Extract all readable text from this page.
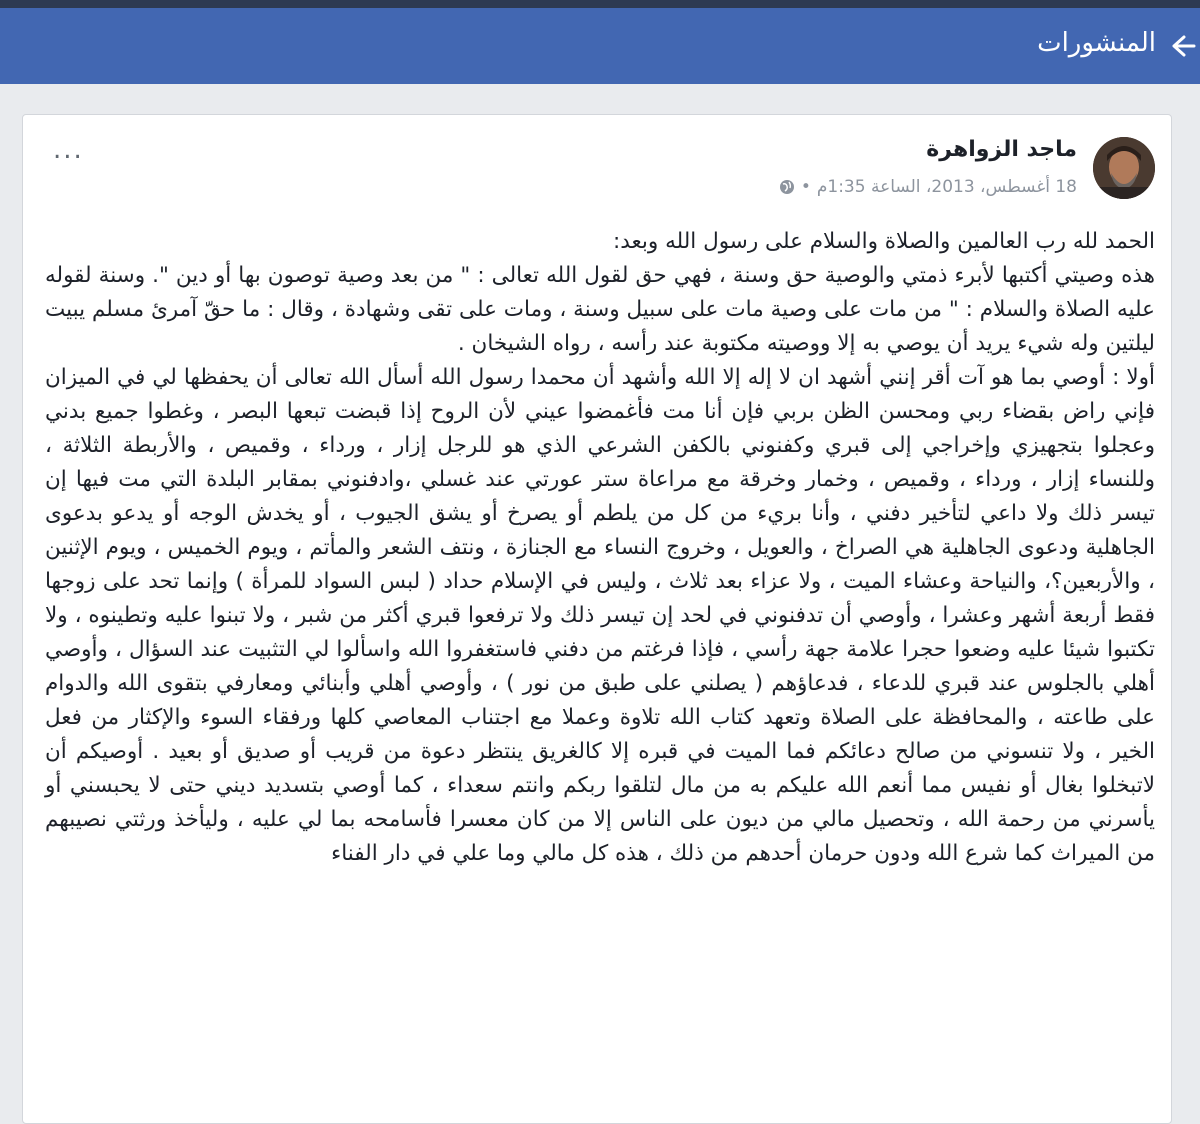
المنشورات
...	ماجد الزواهرة
18 أغسطس، 2013، الساعة 1:35م
•

الحمد لله رب العالمين والصلاة والسلام على رسول الله وبعد:

هذه وصيتي أكتبها لأبرء ذمتي والوصية حق وسنة ، فهي حق لقول الله تعالى : " من بعد وصية توصون بها أو دين ". وسنة لقوله عليه الصلاة والسلام : " من مات على وصية مات على سبيل وسنة ، ومات على تقى وشهادة ، وقال : ما حقّ آمرئ مسلم يبيت ليلتين وله شيء يريد أن يوصي به إلا ووصيته مكتوبة عند رأسه ، رواه الشيخان .

أولا : أوصي بما هو آت أقر إنني أشهد ان لا إله إلا الله وأشهد أن محمدا رسول الله أسأل الله تعالى أن يحفظها لي في الميزان فإني راض بقضاء ربي ومحسن الظن بربي فإن أنا مت فأغمضوا عيني لأن الروح إذا قبضت تبعها البصر ، وغطوا جميع بدني وعجلوا بتجهيزي وإخراجي إلى قبري وكفنوني بالكفن الشرعي الذي هو للرجل إزار ، ورداء ، وقميص ، والأربطة الثلاثة ، وللنساء إزار ، ورداء ، وقميص ، وخمار وخرقة مع مراعاة ستر عورتي عند غسلي ،وادفنوني بمقابر البلدة التي مت فيها إن تيسر ذلك ولا داعي لتأخير دفني ، وأنا بريء من كل من يلطم أو يصرخ أو يشق الجيوب ، أو يخدش الوجه أو يدعو بدعوى الجاهلية ودعوى الجاهلية هي الصراخ ، والعويل ، وخروج النساء مع الجنازة ، ونتف الشعر والمأتم ، ويوم الخميس ، ويوم الإثنين ، والأربعين؟، والنياحة وعشاء الميت ، ولا عزاء بعد ثلاث ، وليس في الإسلام حداد ( لبس السواد للمرأة ) وإنما تحد على زوجها فقط أربعة أشهر وعشرا ، وأوصي أن تدفنوني في لحد إن تيسر ذلك ولا ترفعوا قبري أكثر من شبر ، ولا تبنوا عليه وتطينوه ، ولا تكتبوا شيئا عليه وضعوا حجرا علامة جهة رأسي ، فإذا فرغتم من دفني فاستغفروا الله واسألوا لي التثبيت عند السؤال ، وأوصي أهلي بالجلوس عند قبري للدعاء ، فدعاؤهم ( يصلني على طبق من نور ) ، وأوصي أهلي وأبنائي ومعارفي بتقوى الله والدوام على طاعته ، والمحافظة على الصلاة وتعهد كتاب الله تلاوة وعملا مع اجتناب المعاصي كلها ورفقاء السوء والإكثار من فعل الخير ، ولا تنسوني من صالح دعائكم فما الميت في قبره إلا كالغريق ينتظر دعوة من قريب أو صديق أو بعيد . أوصيكم أن لاتبخلوا بغال أو نفيس مما أنعم الله عليكم به من مال لتلقوا ربكم وانتم سعداء ، كما أوصي بتسديد ديني حتى لا يحبسني أو يأسرني من رحمة الله ، وتحصيل مالي من ديون على الناس إلا من كان معسرا فأسامحه بما لي عليه ، وليأخذ ورثتي نصيبهم من الميراث كما شرع الله ودون حرمان أحدهم من ذلك ، هذه كل مالي وما علي في دار الفناء
